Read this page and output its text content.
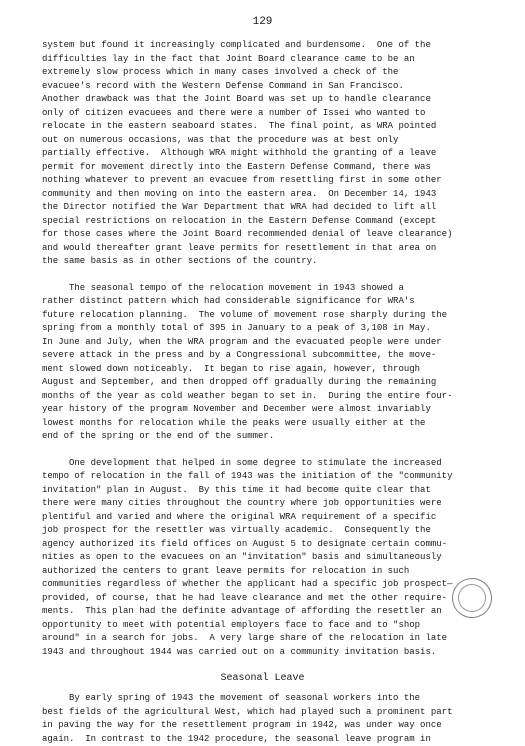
129
system but found it increasingly complicated and burdensome.  One of the
difficulties lay in the fact that Joint Board clearance came to be an
extremely slow process which in many cases involved a check of the
evacuee's record with the Western Defense Command in San Francisco.
Another drawback was that the Joint Board was set up to handle clearance
only of citizen evacuees and there were a number of Issei who wanted to
relocate in the eastern seaboard states.  The final point, as WRA pointed
out on numerous occasions, was that the procedure was at best only
partially effective.  Although WRA might withhold the granting of a leave
permit for movement directly into the Eastern Defense Command, there was
nothing whatever to prevent an evacuee from resettling first in some other
community and then moving on into the eastern area.  On December 14, 1943
the Director notified the War Department that WRA had decided to lift all
special restrictions on relocation in the Eastern Defense Command (except
for those cases where the Joint Board recommended denial of leave clearance)
and would thereafter grant leave permits for resettlement in that area on
the same basis as in other sections of the country.
The seasonal tempo of the relocation movement in 1943 showed a
rather distinct pattern which had considerable significance for WRA's
future relocation planning.  The volume of movement rose sharply during the
spring from a monthly total of 395 in January to a peak of 3,108 in May.
In June and July, when the WRA program and the evacuated people were under
severe attack in the press and by a Congressional subcommittee, the move-
ment slowed down noticeably.  It began to rise again, however, through
August and September, and then dropped off gradually during the remaining
months of the year as cold weather began to set in.  During the entire four-
year history of the program November and December were almost invariably
lowest months for relocation while the peaks were usually either at the
end of the spring or the end of the summer.
One development that helped in some degree to stimulate the increased
tempo of relocation in the fall of 1943 was the initiation of the "community
invitation" plan in August.  By this time it had become quite clear that
there were many cities throughout the country where job opportunities were
plentiful and varied and where the original WRA requirement of a specific
job prospect for the resettler was virtually academic.  Consequently the
agency authorized its field offices on August 5 to designate certain commu-
nities as open to the evacuees on an "invitation" basis and simultaneously
authorized the centers to grant leave permits for relocation in such
communities regardless of whether the applicant had a specific job prospect—
provided, of course, that he had leave clearance and met the other require-
ments.  This plan had the definite advantage of affording the resettler an
opportunity to meet with potential employers face to face and to "shop
around" in a search for jobs.  A very large share of the relocation in late
1943 and throughout 1944 was carried out on a community invitation basis.
Seasonal Leave
By early spring of 1943 the movement of seasonal workers into the
best fields of the agricultural West, which had played such a prominent part
in paving the way for the resettlement program in 1942, was under way once
again.  In contrast to the 1942 procedure, the seasonal leave program in
